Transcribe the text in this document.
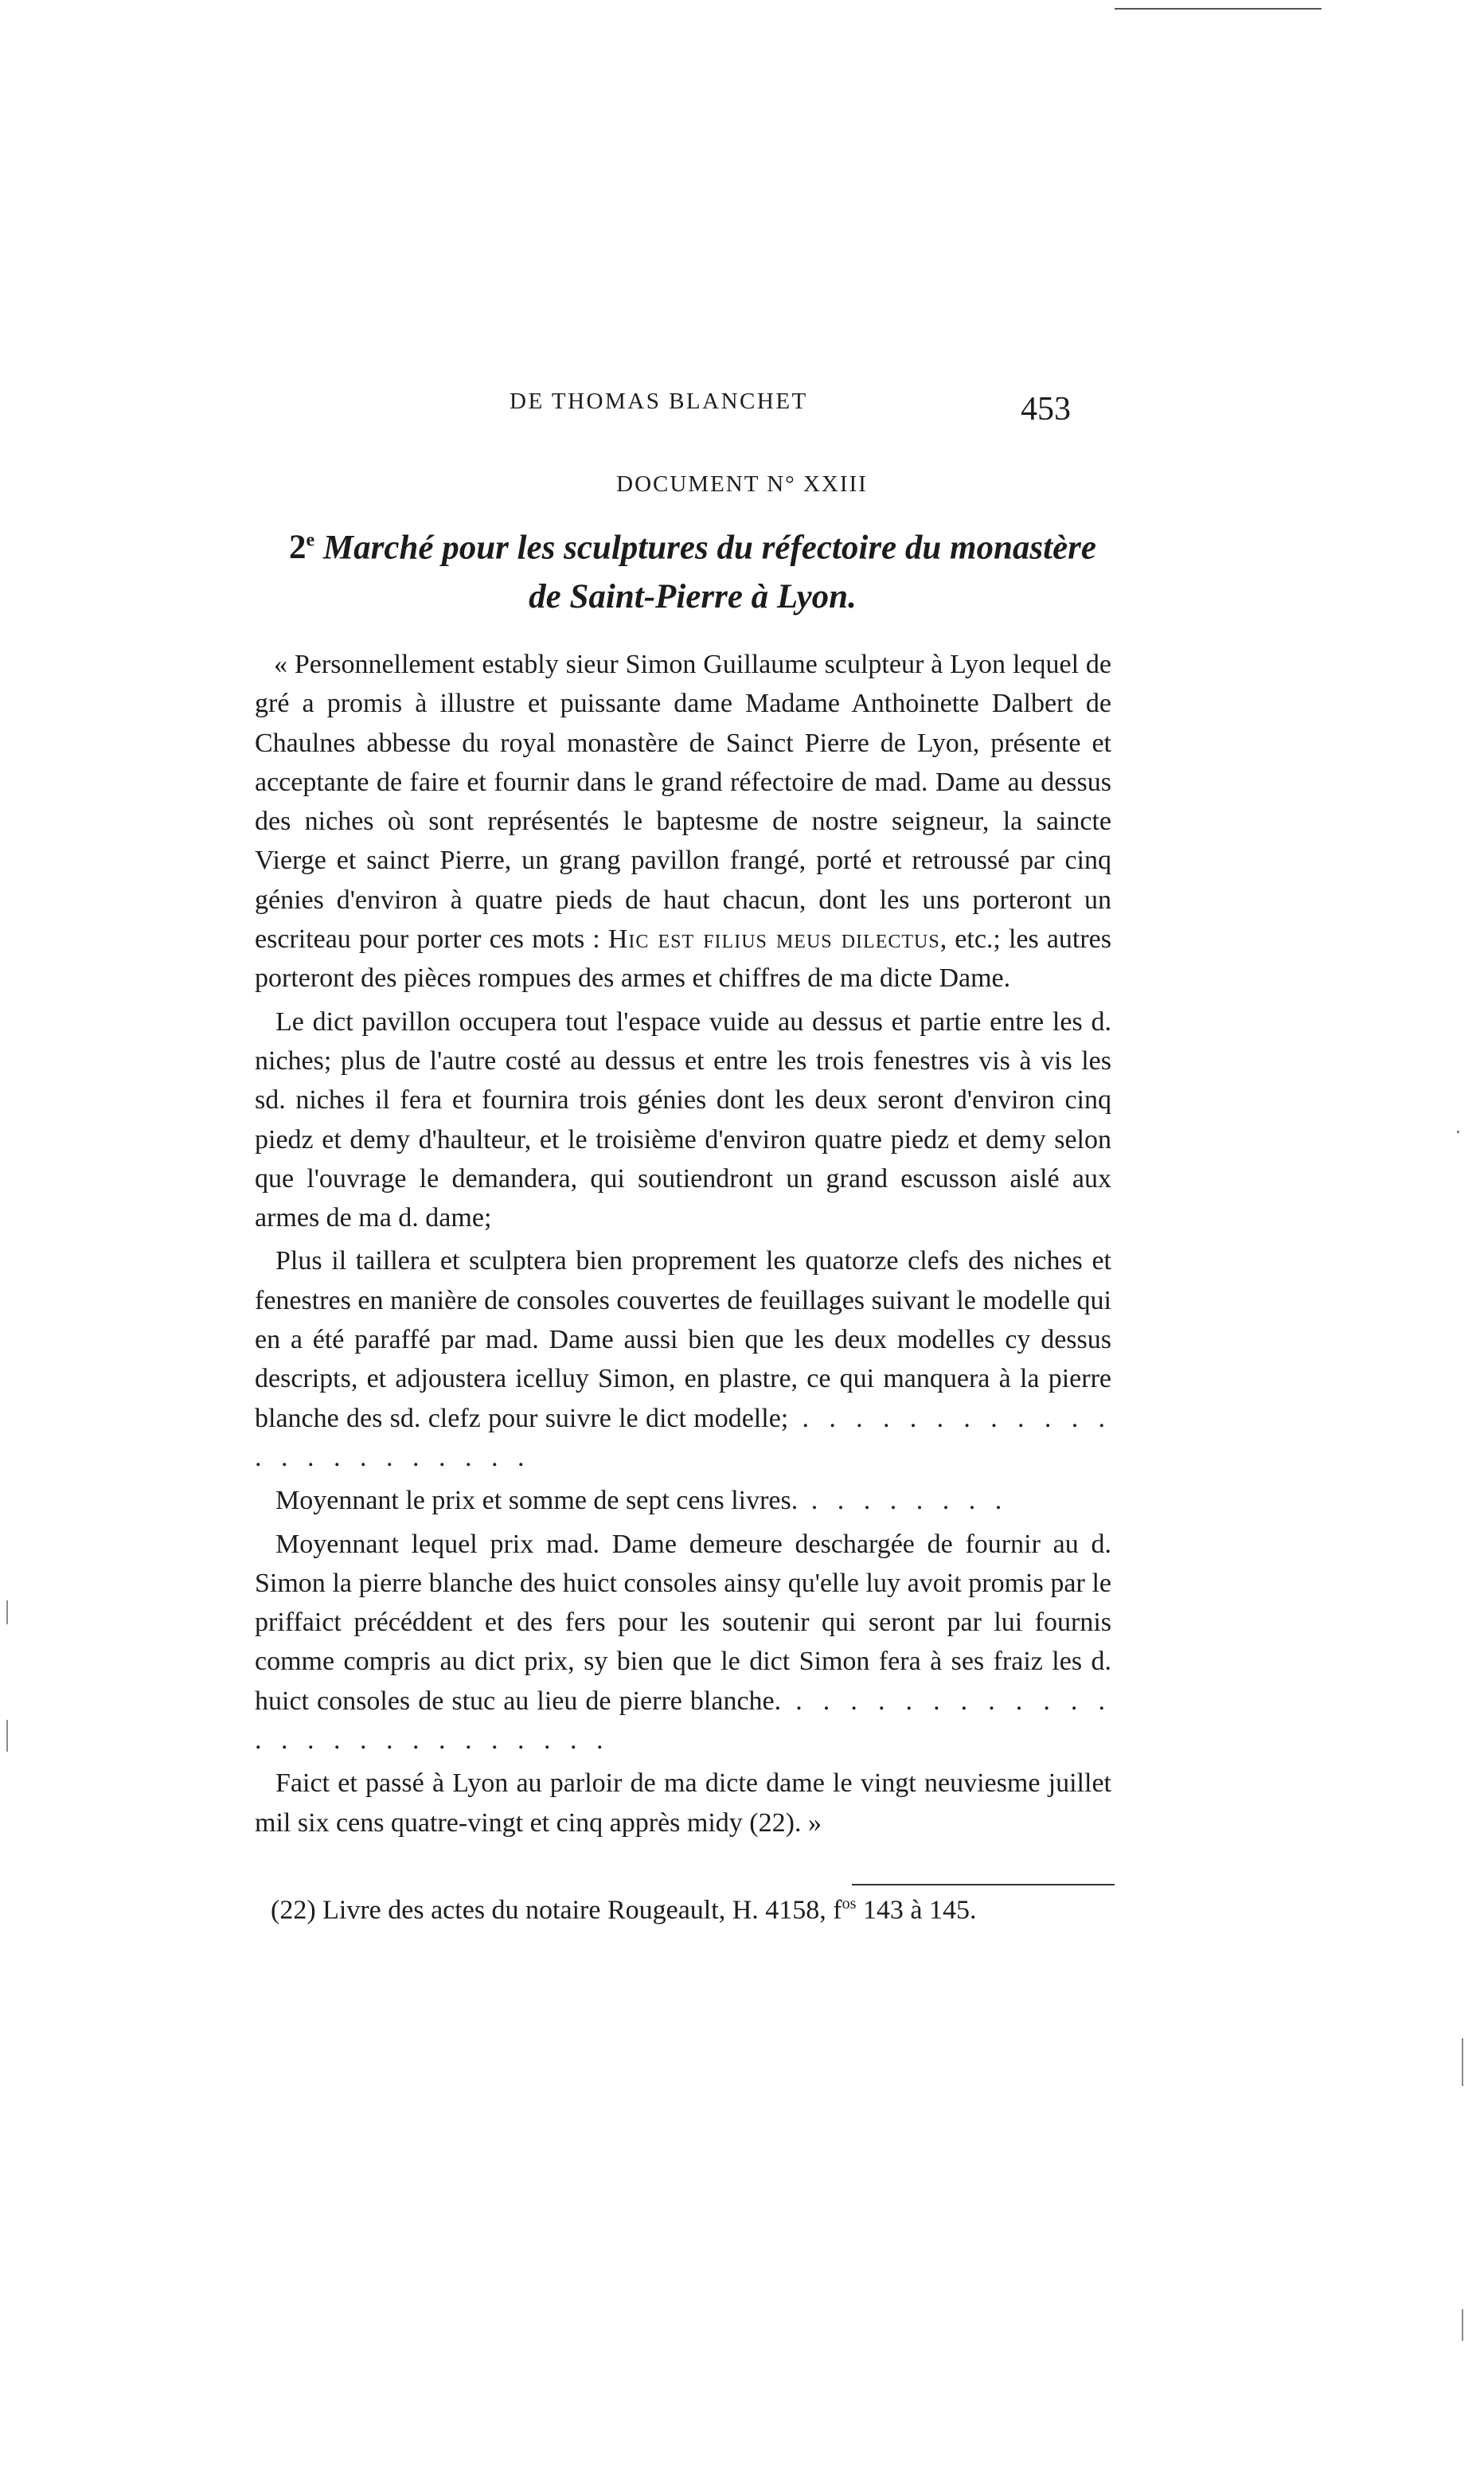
DE THOMAS BLANCHET	453
DOCUMENT N° XXIII
2e Marché pour les sculptures du réfectoire du monastère
de Saint-Pierre à Lyon.

« Personnellement estably sieur Simon Guillaume sculpteur à Lyon lequel de gré a promis à illustre et puissante dame Madame Anthoinette Dalbert de Chaulnes abbesse du royal monastère de Sainct Pierre de Lyon, présente et acceptante de faire et fournir dans le grand réfectoire de mad. Dame au dessus des niches où sont représentés le baptesme de nostre seigneur, la saincte Vierge et sainct Pierre, un grang pavillon frangé, porté et retroussé par cinq génies d'environ à quatre pieds de haut chacun, dont les uns porteront un escriteau pour porter ces mots : Hic est filius meus dilectus, etc.; les autres porteront des pièces rompues des armes et chiffres de ma dicte Dame.

Le dict pavillon occupera tout l'espace vuide au dessus et partie entre les d. niches; plus de l'autre costé au dessus et entre les trois fenestres vis à vis les sd. niches il fera et fournira trois génies dont les deux seront d'environ cinq piedz et demy d'haulteur, et le troisième d'environ quatre piedz et demy selon que l'ouvrage le demandera, qui soutiendront un grand escusson aislé aux armes de ma d. dame;

Plus il taillera et sculptera bien proprement les quatorze clefs des niches et fenestres en manière de consoles couvertes de feuillages suivant le modelle qui en a été paraffé par mad. Dame aussi bien que les deux modelles cy dessus descripts, et adjoustera icelluy Simon, en plastre, ce qui manquera à la pierre blanche des sd. clefz pour suivre le dict modelle; . . . . . . . . . . . . . . . . . . . . . . .

Moyennant le prix et somme de sept cens livres. . . . . . . . .

Moyennant lequel prix mad. Dame demeure deschargée de fournir au d. Simon la pierre blanche des huict consoles ainsy qu'elle luy avoit promis par le priffaict précéddent et des fers pour les soutenir qui seront par lui fournis comme compris au dict prix, sy bien que le dict Simon fera à ses fraiz les d. huict consoles de stuc au lieu de pierre blanche. . . . . . . . . . . . . . . . . . . . . . . . . . .

Faict et passé à Lyon au parloir de ma dicte dame le vingt neuviesme juillet mil six cens quatre-vingt et cinq apprès midy (22). »

(22) Livre des actes du notaire Rougeault, H. 4158, $f^{os}$ 143 à 145.
